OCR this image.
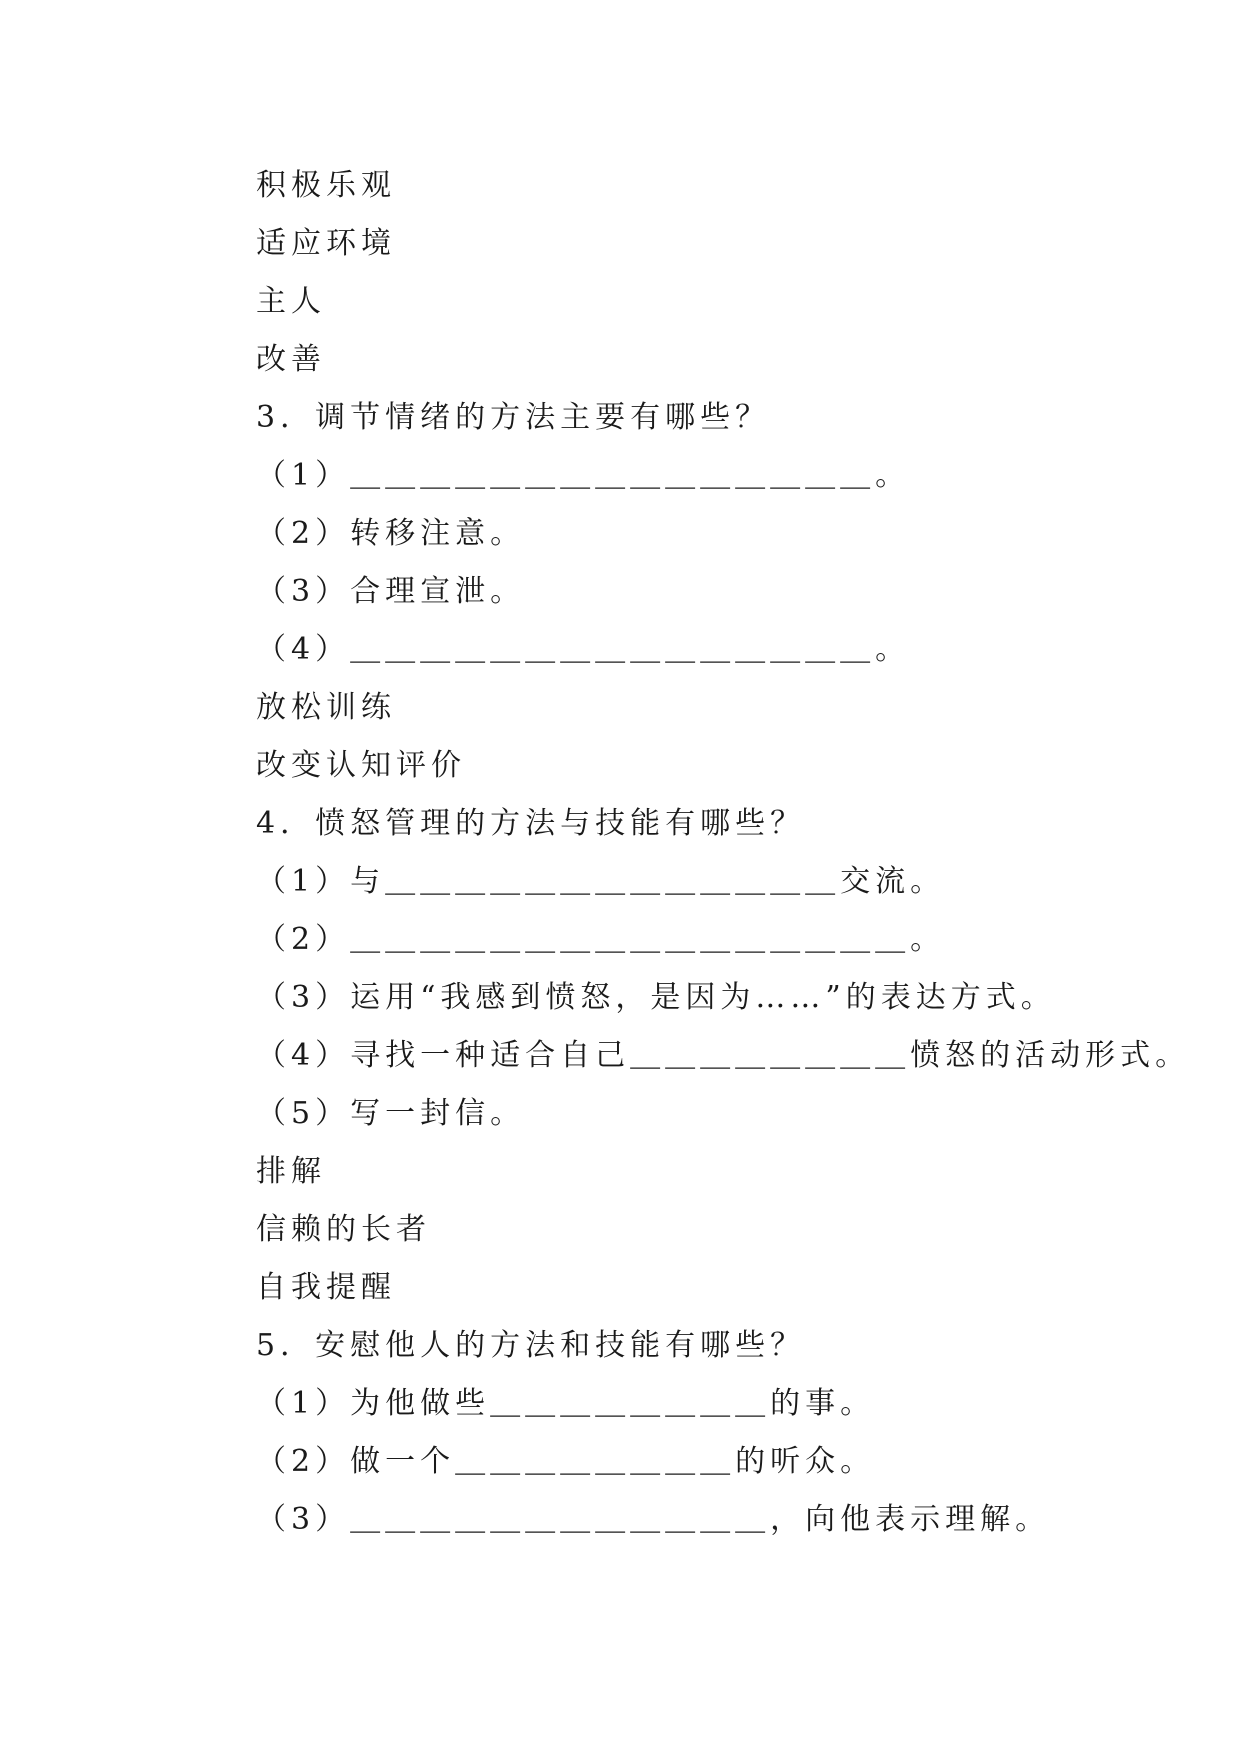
积极乐观
适应环境
主人
改善
3．调节情绪的方法主要有哪些？
（1）＿＿＿＿＿＿＿＿＿＿＿＿＿＿＿。
（2）转移注意。
（3）合理宣泄。
（4）＿＿＿＿＿＿＿＿＿＿＿＿＿＿＿。
放松训练
改变认知评价
4．愤怒管理的方法与技能有哪些？
（1）与＿＿＿＿＿＿＿＿＿＿＿＿＿交流。
（2）＿＿＿＿＿＿＿＿＿＿＿＿＿＿＿＿。
（3）运用“我感到愤怒，是因为……”的表达方式。
（4）寻找一种适合自己＿＿＿＿＿＿＿＿愤怒的活动形式。
（5）写一封信。
排解
信赖的长者
自我提醒
5．安慰他人的方法和技能有哪些？
（1）为他做些＿＿＿＿＿＿＿＿的事。
（2）做一个＿＿＿＿＿＿＿＿的听众。
（3）＿＿＿＿＿＿＿＿＿＿＿＿，向他表示理解。
